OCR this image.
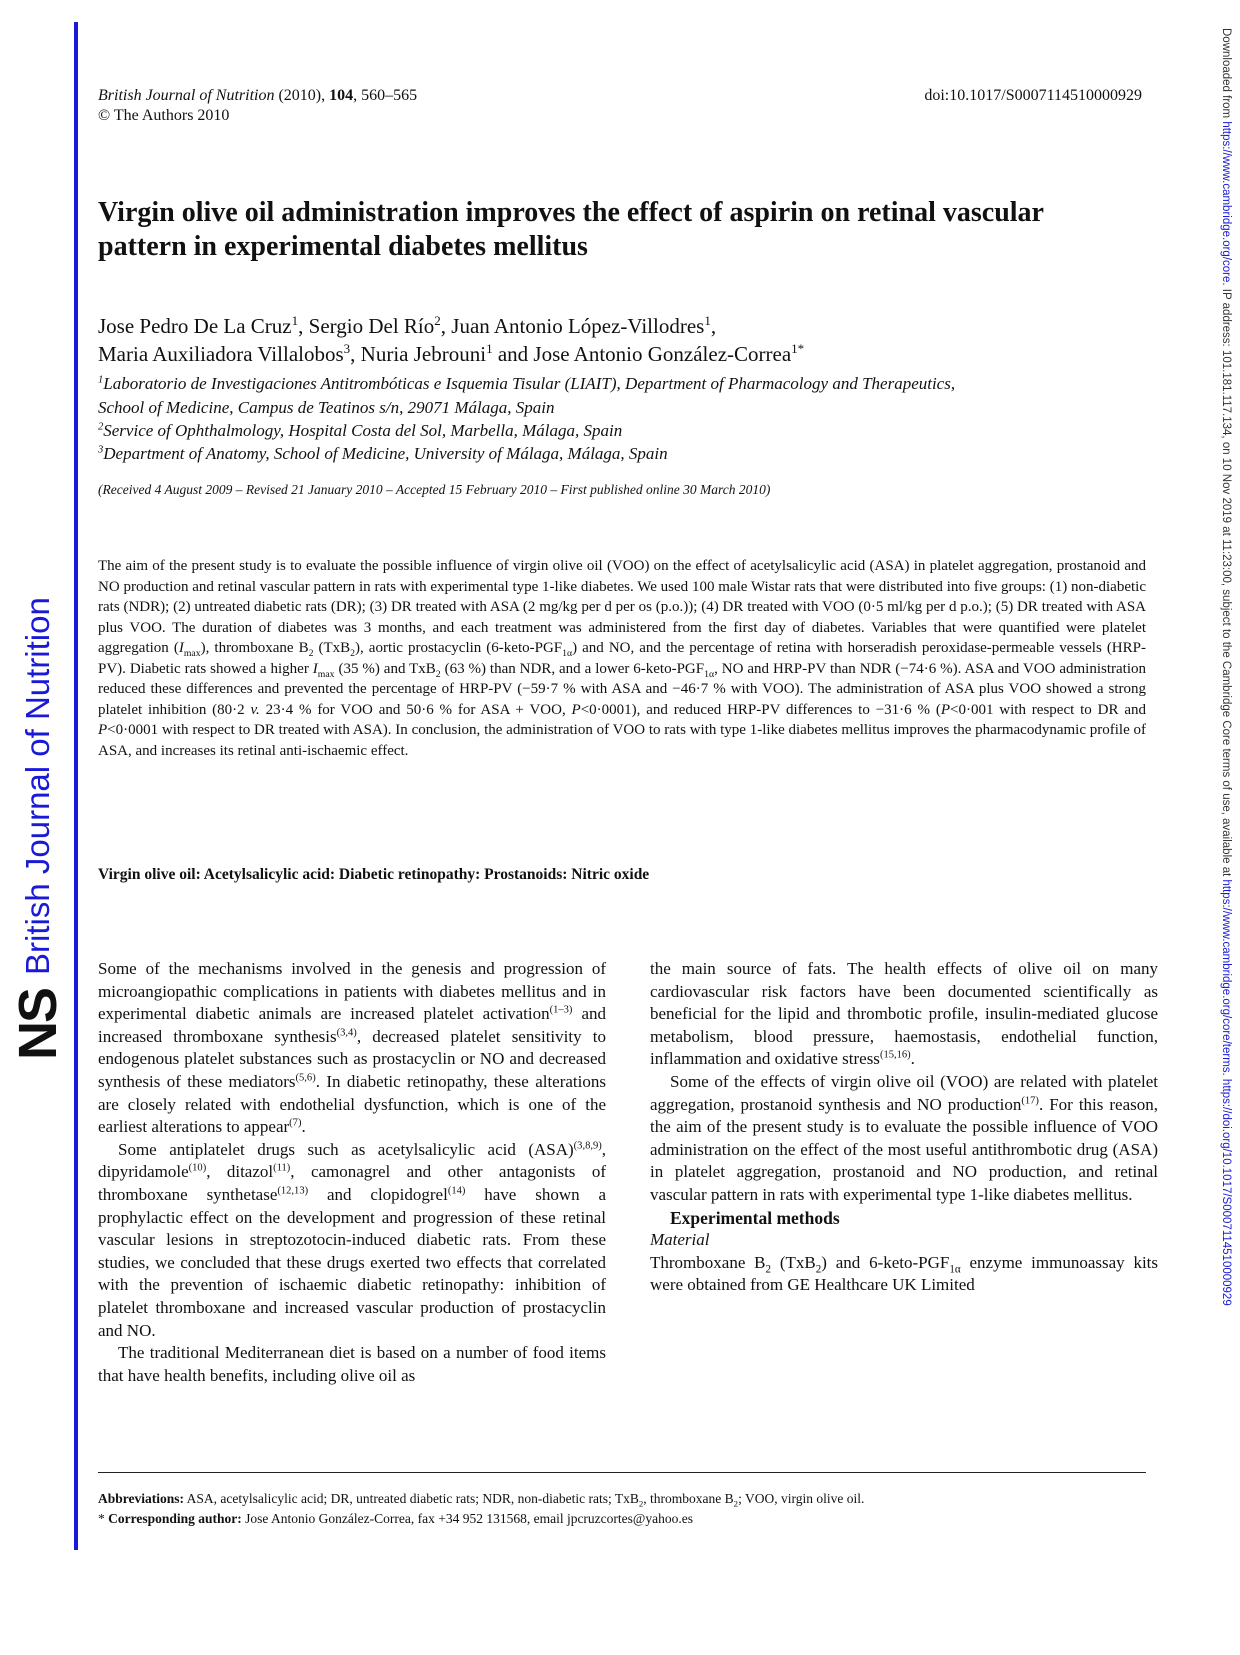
NS
British Journal of Nutrition
Downloaded from https://www.cambridge.org/core. IP address: 101.181.117.134, on 10 Nov 2019 at 11:23:00, subject to the Cambridge Core terms of use, available at https://www.cambridge.org/core/terms. https://doi.org/10.1017/S0007114510000929
British Journal of Nutrition (2010), 104, 560–565
© The Authors 2010
doi:10.1017/S0007114510000929
Virgin olive oil administration improves the effect of aspirin on retinal vascular pattern in experimental diabetes mellitus
Jose Pedro De La Cruz$^1$, Sergio Del Río$^2$, Juan Antonio López-Villodres$^1$,
Maria Auxiliadora Villalobos$^3$, Nuria Jebrouni$^1$ and Jose Antonio González-Correa$^{1*}$
$^1$Laboratorio de Investigaciones Antitrombóticas e Isquemia Tisular (LIAIT), Department of Pharmacology and Therapeutics,
School of Medicine, Campus de Teatinos s/n, 29071 Málaga, Spain
$^2$Service of Ophthalmology, Hospital Costa del Sol, Marbella, Málaga, Spain
$^3$Department of Anatomy, School of Medicine, University of Málaga, Málaga, Spain
(Received 4 August 2009 – Revised 21 January 2010 – Accepted 15 February 2010 – First published online 30 March 2010)
The aim of the present study is to evaluate the possible influence of virgin olive oil (VOO) on the effect of acetylsalicylic acid (ASA) in platelet aggregation, prostanoid and NO production and retinal vascular pattern in rats with experimental type 1-like diabetes. We used 100 male Wistar rats that were distributed into five groups: (1) non-diabetic rats (NDR); (2) untreated diabetic rats (DR); (3) DR treated with ASA (2 mg/kg per d per os (p.o.)); (4) DR treated with VOO (0·5 ml/kg per d p.o.); (5) DR treated with ASA plus VOO. The duration of diabetes was 3 months, and each treatment was administered from the first day of diabetes. Variables that were quantified were platelet aggregation $(I_{max})$, thromboxane $B_2$ (TxB$_2$), aortic prostacyclin $(6-keto-PGF_{1\alpha})$ and NO, and the percentage of retina with horseradish peroxidase-permeable vessels (HRP-PV). Diabetic rats showed a higher $I_{max}$ (35 %) and TxB$_2$ (63 %) than NDR, and a lower $6-keto-PGF_{1\alpha}$, NO and HRP-PV than NDR (−74·6 %). ASA and VOO administration reduced these differences and prevented the percentage of HRP-PV (−59·7 % with ASA and −46·7 % with VOO). The administration of ASA plus VOO showed a strong platelet inhibition (80·2 v. 23·4 % for VOO and 50·6 % for ASA + VOO, P<0·0001), and reduced HRP-PV differences to −31·6 % (P<0·001 with respect to DR and P<0·0001 with respect to DR treated with ASA). In conclusion, the administration of VOO to rats with type 1-like diabetes mellitus improves the pharmacodynamic profile of ASA, and increases its retinal anti-ischaemic effect.
Virgin olive oil: Acetylsalicylic acid: Diabetic retinopathy: Prostanoids: Nitric oxide

Some of the mechanisms involved in the genesis and progression of microangiopathic complications in patients with diabetes mellitus and in experimental diabetic animals are increased platelet activation$^{(1-3)}$ and increased thromboxane synthesis$^{(3,4)}$, decreased platelet sensitivity to endogenous platelet substances such as prostacyclin or NO and decreased synthesis of these mediators$^{(5,6)}$. In diabetic retinopathy, these alterations are closely related with endothelial dysfunction, which is one of the earliest alterations to appear$^{(7)}$.

Some antiplatelet drugs such as acetylsalicylic acid (ASA)$^{(3,8,9)}$, dipyridamole$^{(10)}$, ditazol$^{(11)}$, camonagrel and other antagonists of thromboxane synthetase$^{(12,13)}$ and clopidogrel$^{(14)}$ have shown a prophylactic effect on the development and progression of these retinal vascular lesions in streptozotocin-induced diabetic rats. From these studies, we concluded that these drugs exerted two effects that correlated with the prevention of ischaemic diabetic retinopathy: inhibition of platelet thromboxane and increased vascular production of prostacyclin and NO.

The traditional Mediterranean diet is based on a number of food items that have health benefits, including olive oil as

the main source of fats. The health effects of olive oil on many cardiovascular risk factors have been documented scientifically as beneficial for the lipid and thrombotic profile, insulin-mediated glucose metabolism, blood pressure, haemostasis, endothelial function, inflammation and oxidative stress$^{(15,16)}$.

Some of the effects of virgin olive oil (VOO) are related with platelet aggregation, prostanoid synthesis and NO production$^{(17)}$. For this reason, the aim of the present study is to evaluate the possible influence of VOO administration on the effect of the most useful antithrombotic drug (ASA) in platelet aggregation, prostanoid and NO production, and retinal vascular pattern in rats with experimental type 1-like diabetes mellitus.

Experimental methods

Material

Thromboxane $B_2$ (TxB$_2$) and $6-keto-PGF_{1\alpha}$ enzyme immunoassay kits were obtained from GE Healthcare UK Limited

Abbreviations: ASA, acetylsalicylic acid; DR, untreated diabetic rats; NDR, non-diabetic rats; TxB$_2$, thromboxane $B_2$; VOO, virgin olive oil.
* Corresponding author: Jose Antonio González-Correa, fax +34 952 131568, email jpcruzcortes@yahoo.es
